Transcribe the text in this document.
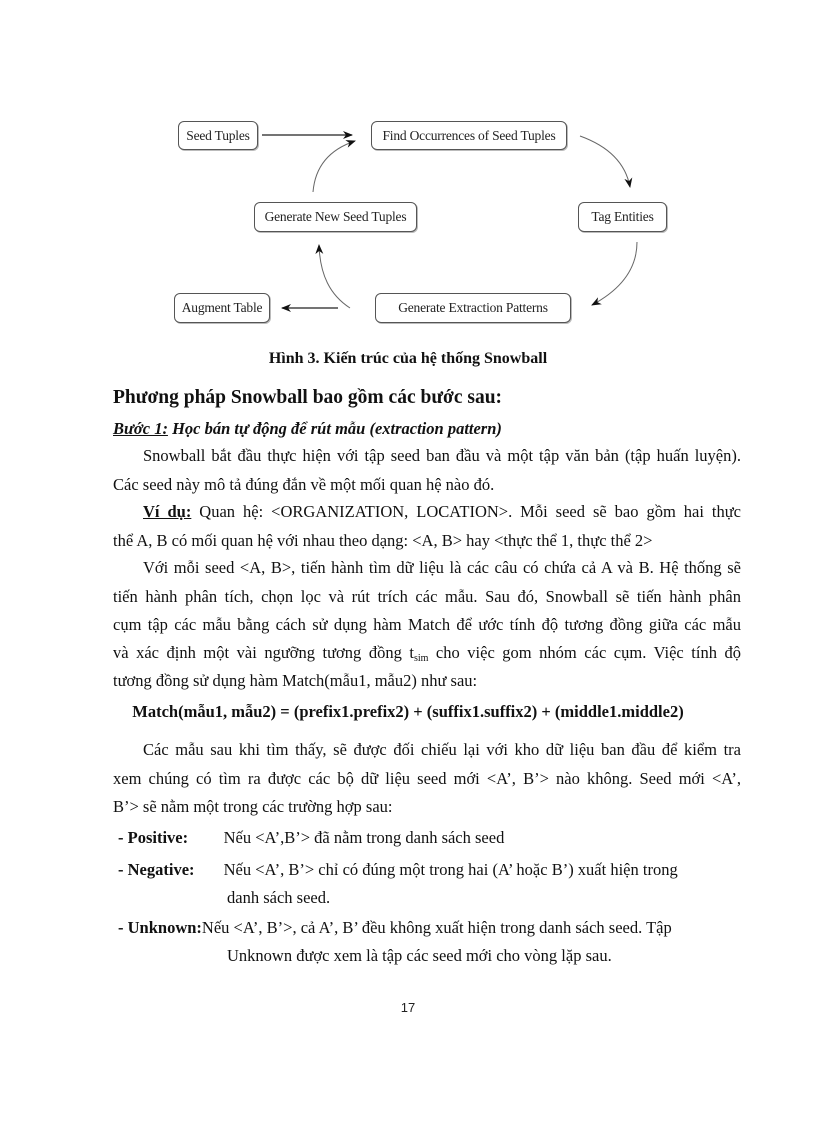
Seed Tuples	Find Occurrences of Seed Tuples
Tag Entities
Generate New Seed Tuples
Augment Table	Generate Extraction Patterns
Hình 3. Kiến trúc của hệ thống Snowball
Phương pháp Snowball bao gồm các bước sau:
Bước 1: Học bán tự động để rút mẫu (extraction pattern)
Snowball bắt đầu thực hiện với tập seed ban đầu và một tập văn bản (tập huấn luyện).
Các seed này mô tả đúng đắn về một mối quan hệ nào đó.
Ví dụ: Quan hệ: <ORGANIZATION, LOCATION>. Mỗi seed sẽ bao gồm hai thực
thể A, B có mối quan hệ với nhau theo dạng: <A, B> hay <thực thể 1, thực thể 2>
Với mỗi seed <A, B>, tiến hành tìm dữ liệu là các câu có chứa cả A và B. Hệ thống sẽ
tiến hành phân tích, chọn lọc và rút trích các mẫu. Sau đó, Snowball sẽ tiến hành phân
cụm tập các mẫu bằng cách sử dụng hàm Match để ước tính độ tương đồng giữa các mẫu
và xác định một vài ngưỡng tương đồng $t_{sim}$ cho việc gom nhóm các cụm. Việc tính độ
tương đồng sử dụng hàm Match(mẫu1, mẫu2) như sau:
Match(mẫu1, mẫu2) = (prefix1.prefix2) + (suffix1.suffix2) + (middle1.middle2)
Các mẫu sau khi tìm thấy, sẽ được đối chiếu lại với kho dữ liệu ban đầu để kiểm tra
xem chúng có tìm ra được các bộ dữ liệu seed mới <A’, B’> nào không. Seed mới <A’,
B’> sẽ nằm một trong các trường hợp sau:
- Positive: Nếu <A’,B’> đã nằm trong danh sách seed
- Negative: Nếu <A’, B’> chỉ có đúng một trong hai (A’ hoặc B’) xuất hiện trong
danh sách seed.
- Unknown:Nếu <A’, B’>, cả A’, B’ đều không xuất hiện trong danh sách seed. Tập
Unknown được xem là tập các seed mới cho vòng lặp sau.
17
